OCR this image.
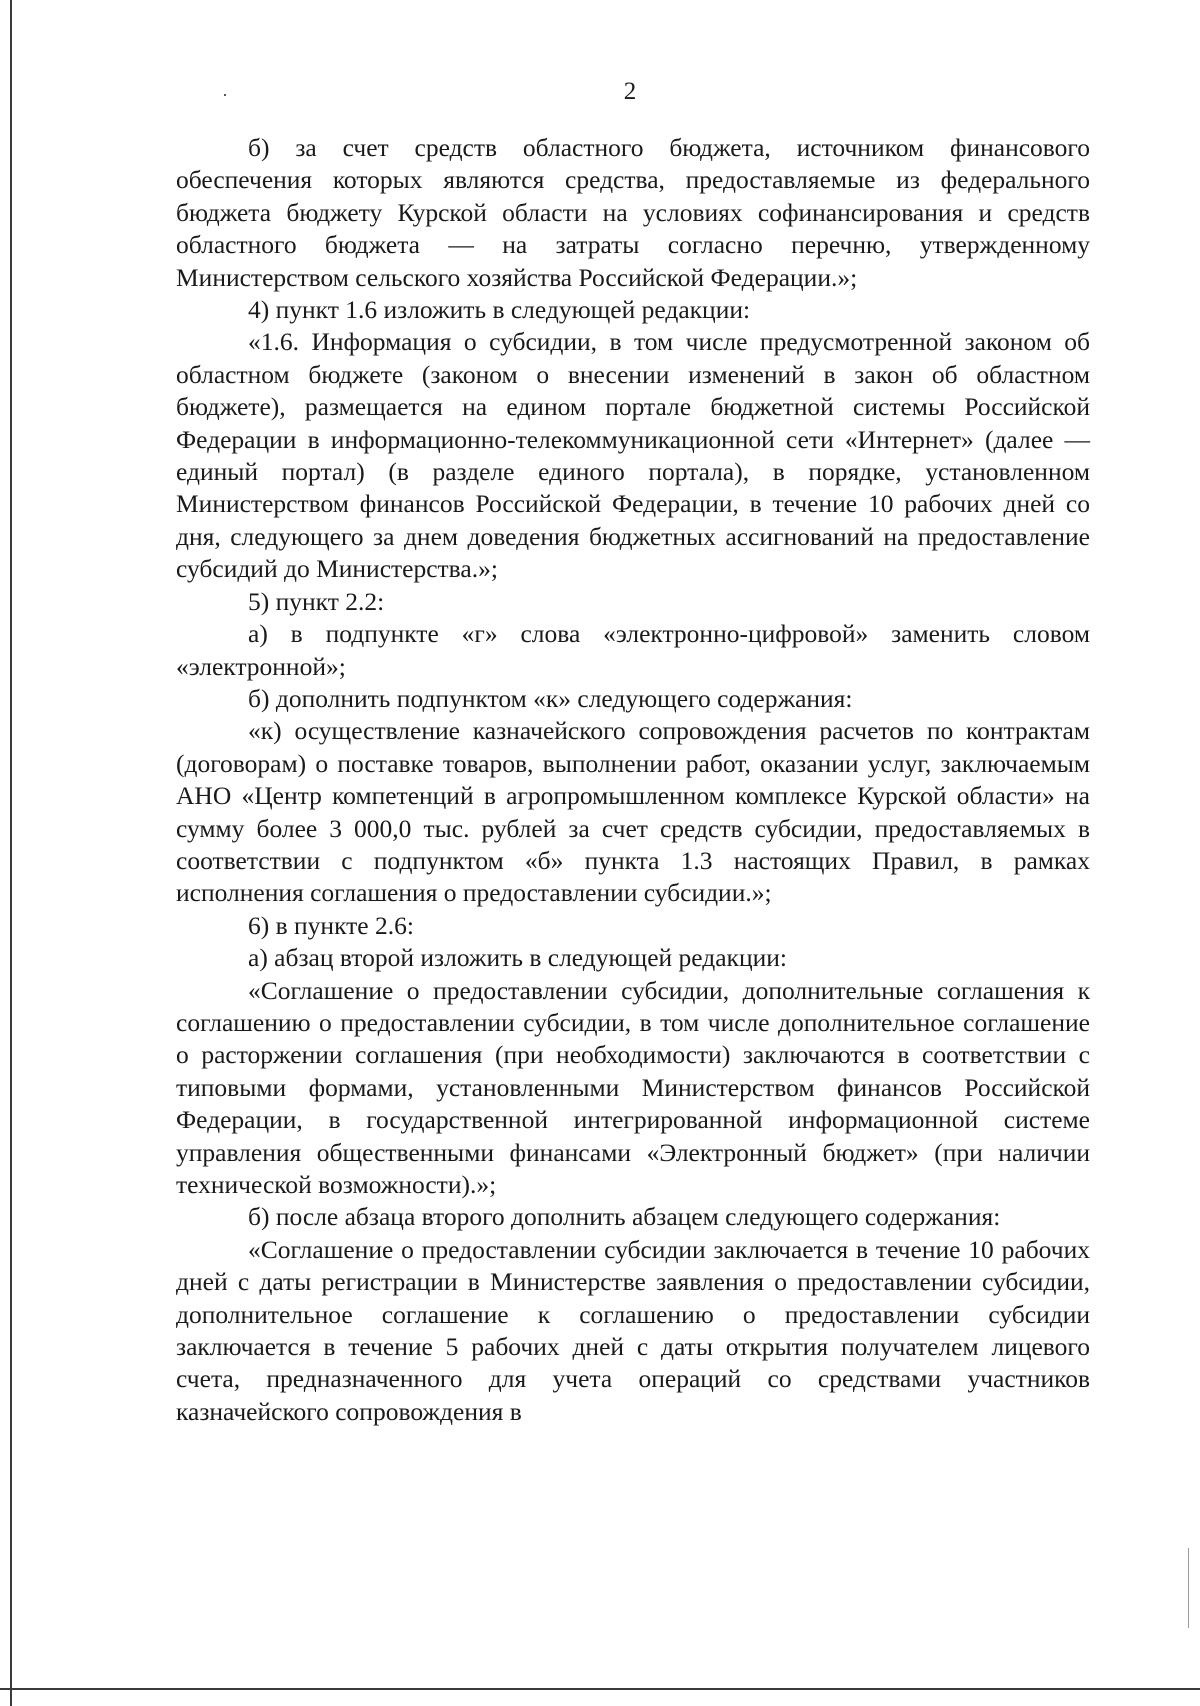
2

б) за счет средств областного бюджета, источником финансового обеспечения которых являются средства, предоставляемые из федерального бюджета бюджету Курской области на условиях софинансирования и средств областного бюджета — на затраты согласно перечню, утвержденному Министерством сельского хозяйства Российской Федерации.»;

4) пункт 1.6 изложить в следующей редакции:

«1.6. Информация о субсидии, в том числе предусмотренной законом об областном бюджете (законом о внесении изменений в закон об областном бюджете), размещается на едином портале бюджетной системы Российской Федерации в информационно-телекоммуникационной сети «Интернет» (далее — единый портал) (в разделе единого портала), в порядке, установленном Министерством финансов Российской Федерации, в течение 10 рабочих дней со дня, следующего за днем доведения бюджетных ассигнований на предоставление субсидий до Министерства.»;

5) пункт 2.2:

а) в подпункте «г» слова «электронно-цифровой» заменить словом «электронной»;

б) дополнить подпунктом «к» следующего содержания:

«к) осуществление казначейского сопровождения расчетов по контрактам (договорам) о поставке товаров, выполнении работ, оказании услуг, заключаемым АНО «Центр компетенций в агропромышленном комплексе Курской области» на сумму более 3 000,0 тыс. рублей за счет средств субсидии, предоставляемых в соответствии с подпунктом «б» пункта 1.3 настоящих Правил, в рамках исполнения соглашения о предоставлении субсидии.»;

6) в пункте 2.6:

а) абзац второй изложить в следующей редакции:

«Соглашение о предоставлении субсидии, дополнительные соглашения к соглашению о предоставлении субсидии, в том числе дополнительное соглашение о расторжении соглашения (при необходимости) заключаются в соответствии с типовыми формами, установленными Министерством финансов Российской Федерации, в государственной интегрированной информационной системе управления общественными финансами «Электронный бюджет» (при наличии технической возможности).»;

б) после абзаца второго дополнить абзацем следующего содержания:

«Соглашение о предоставлении субсидии заключается в течение 10 рабочих дней с даты регистрации в Министерстве заявления о предоставлении субсидии, дополнительное соглашение к соглашению о предоставлении субсидии заключается в течение 5 рабочих дней с даты открытия получателем лицевого счета, предназначенного для учета операций со средствами участников казначейского сопровождения в
